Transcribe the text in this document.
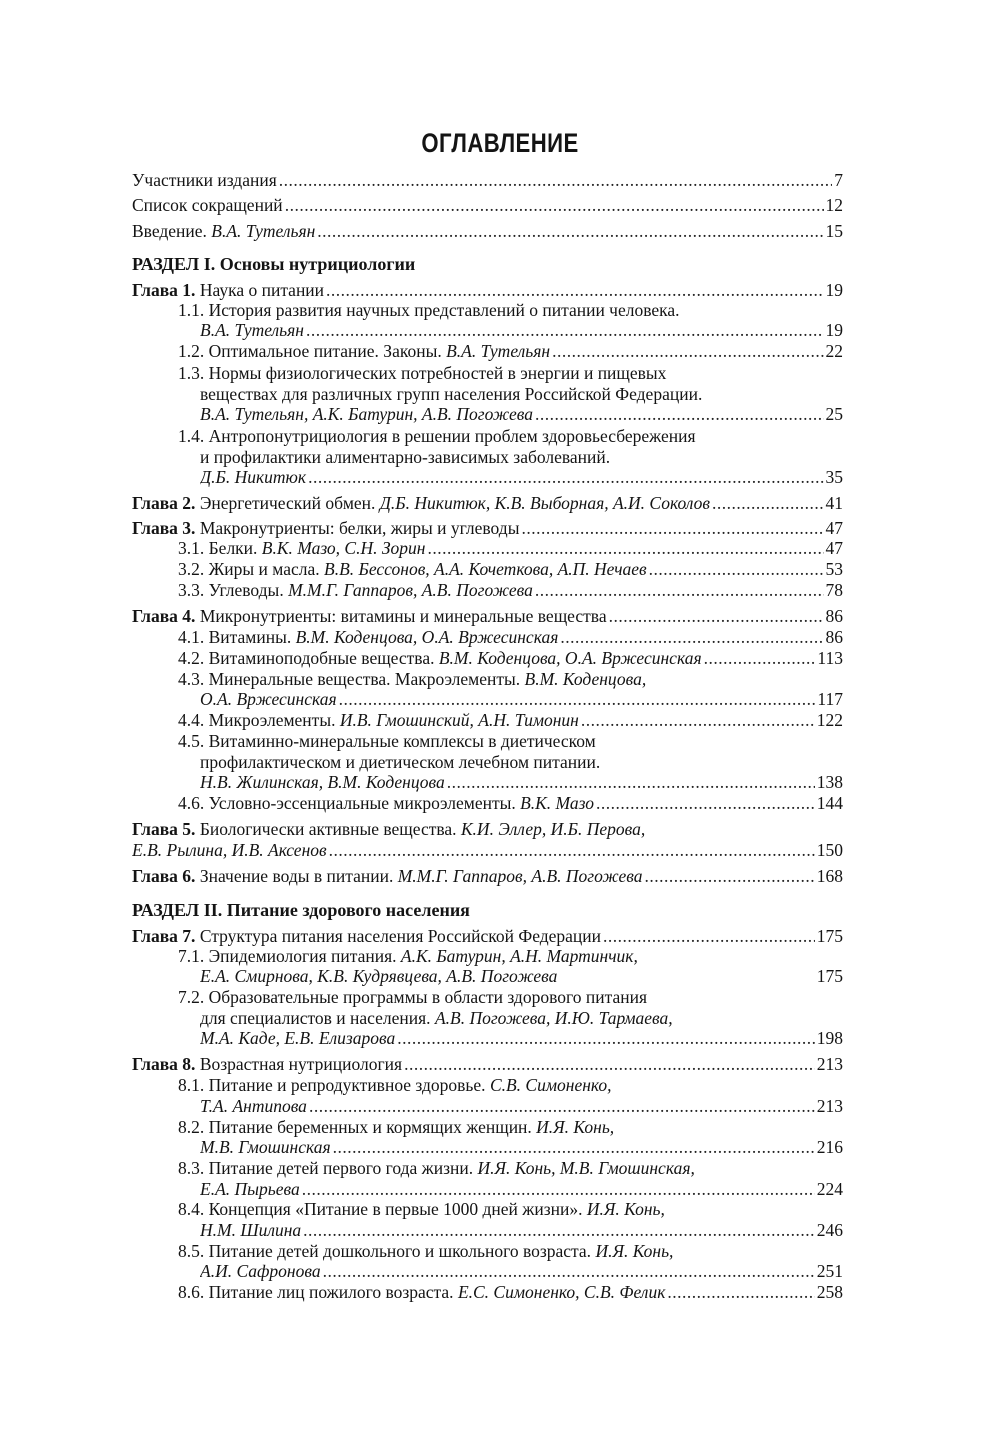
ОГЛАВЛЕНИЕ
Участники издания .....	7
Список сокращений .....	12
Введение. В.А. Тутельян .....	15
РАЗДЕЛ I. Основы нутрициологии
Глава 1. Наука о питании .....	19
1.1. История развития научных представлений о питании человека.
В.А. Тутельян .....	19
1.2. Оптимальное питание. Законы. В.А. Тутельян .....	22
1.3. Нормы физиологических потребностей в энергии и пищевых
веществах для различных групп населения Российской Федерации.
В.А. Тутельян, А.К. Батурин, А.В. Погожева .....	25
1.4. Антропонутрициология в решении проблем здоровьесбережения
и профилактики алиментарно-зависимых заболеваний.
Д.Б. Никитюк .....	35
Глава 2. Энергетический обмен. Д.Б. Никитюк, К.В. Выборная, А.И. Соколов .....	41
Глава 3. Макронутриенты: белки, жиры и углеводы .....	47
3.1. Белки. В.К. Мазо, С.Н. Зорин .....	47
3.2. Жиры и масла. В.В. Бессонов, А.А. Кочеткова, А.П. Нечаев .....	53
3.3. Углеводы. М.М.Г. Гаппаров, А.В. Погожева .....	78
Глава 4. Микронутриенты: витамины и минеральные вещества .....	86
4.1. Витамины. В.М. Коденцова, О.А. Вржесинская .....	86
4.2. Витаминоподобные вещества. В.М. Коденцова, О.А. Вржесинская .....	113
4.3. Минеральные вещества. Макроэлементы. В.М. Коденцова,
О.А. Вржесинская .....	117
4.4. Микроэлементы. И.В. Гмошинский, А.Н. Тимонин .....	122
4.5. Витаминно-минеральные комплексы в диетическом
профилактическом и диетическом лечебном питании.
Н.В. Жилинская, В.М. Коденцова .....	138
4.6. Условно-эссенциальные микроэлементы. В.К. Мазо .....	144
Глава 5. Биологически активные вещества. К.И. Эллер, И.Б. Перова,
Е.В. Рылина, И.В. Аксенов .....	150
Глава 6. Значение воды в питании. М.М.Г. Гаппаров, А.В. Погожева .....	168
РАЗДЕЛ II. Питание здорового населения
Глава 7. Структура питания населения Российской Федерации .....	175
7.1. Эпидемиология питания. А.К. Батурин, А.Н. Мартинчик,
Е.А. Смирнова, К.В. Кудрявцева, А.В. Погожева	175
7.2. Образовательные программы в области здорового питания
для специалистов и населения. А.В. Погожева, И.Ю. Тармаева,
М.А. Каде, Е.В. Елизарова .....	198
Глава 8. Возрастная нутрициология .....	213
8.1. Питание и репродуктивное здоровье. С.В. Симоненко,
Т.А. Антипова .....	213
8.2. Питание беременных и кормящих женщин. И.Я. Конь,
М.В. Гмошинская .....	216
8.3. Питание детей первого года жизни. И.Я. Конь, М.В. Гмошинская,
Е.А. Пырьева .....	224
8.4. Концепция «Питание в первые 1000 дней жизни». И.Я. Конь,
Н.М. Шилина .....	246
8.5. Питание детей дошкольного и школьного возраста. И.Я. Конь,
А.И. Сафронова .....	251
8.6. Питание лиц пожилого возраста. Е.С. Симоненко, С.В. Фелик .....	258
